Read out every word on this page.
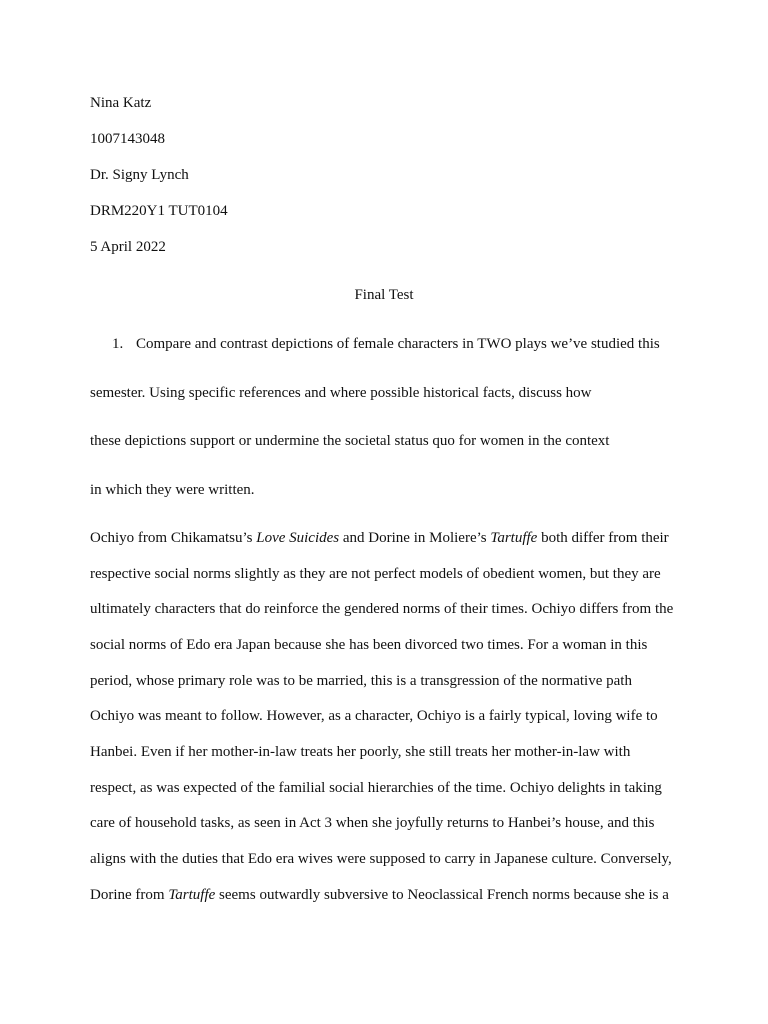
Nina Katz
1007143048
Dr. Signy Lynch
DRM220Y1 TUT0104
5 April 2022
Final Test
1. Compare and contrast depictions of female characters in TWO plays we’ve studied this
semester. Using specific references and where possible historical facts, discuss how
these depictions support or undermine the societal status quo for women in the context
in which they were written.
Ochiyo from Chikamatsu’s Love Suicides and Dorine in Moliere’s Tartuffe both differ from their
respective social norms slightly as they are not perfect models of obedient women, but they are
ultimately characters that do reinforce the gendered norms of their times. Ochiyo differs from the
social norms of Edo era Japan because she has been divorced two times. For a woman in this
period, whose primary role was to be married, this is a transgression of the normative path
Ochiyo was meant to follow. However, as a character, Ochiyo is a fairly typical, loving wife to
Hanbei. Even if her mother-in-law treats her poorly, she still treats her mother-in-law with
respect, as was expected of the familial social hierarchies of the time. Ochiyo delights in taking
care of household tasks, as seen in Act 3 when she joyfully returns to Hanbei’s house, and this
aligns with the duties that Edo era wives were supposed to carry in Japanese culture. Conversely,
Dorine from Tartuffe seems outwardly subversive to Neoclassical French norms because she is a
